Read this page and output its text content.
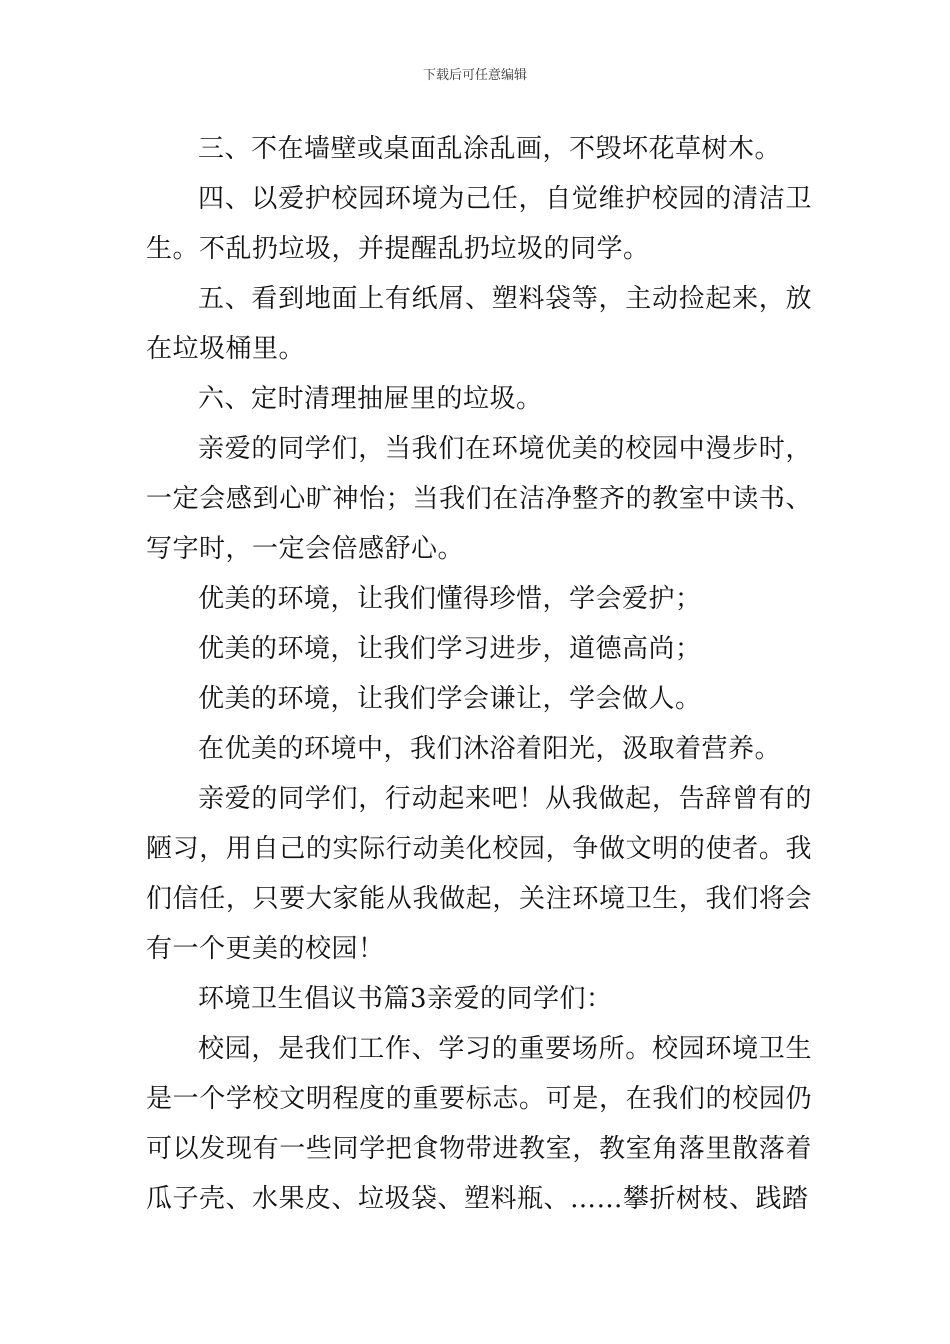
下载后可任意编辑

三、不在墙壁或桌面乱涂乱画，不毁坏花草树木。

四、以爱护校园环境为己任，自觉维护校园的清洁卫生。不乱扔垃圾，并提醒乱扔垃圾的同学。

五、看到地面上有纸屑、塑料袋等，主动捡起来，放在垃圾桶里。

六、定时清理抽屉里的垃圾。

亲爱的同学们，当我们在环境优美的校园中漫步时，一定会感到心旷神怡；当我们在洁净整齐的教室中读书、写字时，一定会倍感舒心。

优美的环境，让我们懂得珍惜，学会爱护；

优美的环境，让我们学习进步，道德高尚；

优美的环境，让我们学会谦让，学会做人。

在优美的环境中，我们沐浴着阳光，汲取着营养。

亲爱的同学们，行动起来吧！从我做起，告辞曾有的陋习，用自己的实际行动美化校园，争做文明的使者。我们信任，只要大家能从我做起，关注环境卫生，我们将会有一个更美的校园！

环境卫生倡议书篇3亲爱的同学们：

校园，是我们工作、学习的重要场所。校园环境卫生是一个学校文明程度的重要标志。可是，在我们的校园仍可以发现有一些同学把食物带进教室，教室角落里散落着瓜子壳、水果皮、垃圾袋、塑料瓶、……攀折树枝、践踏
